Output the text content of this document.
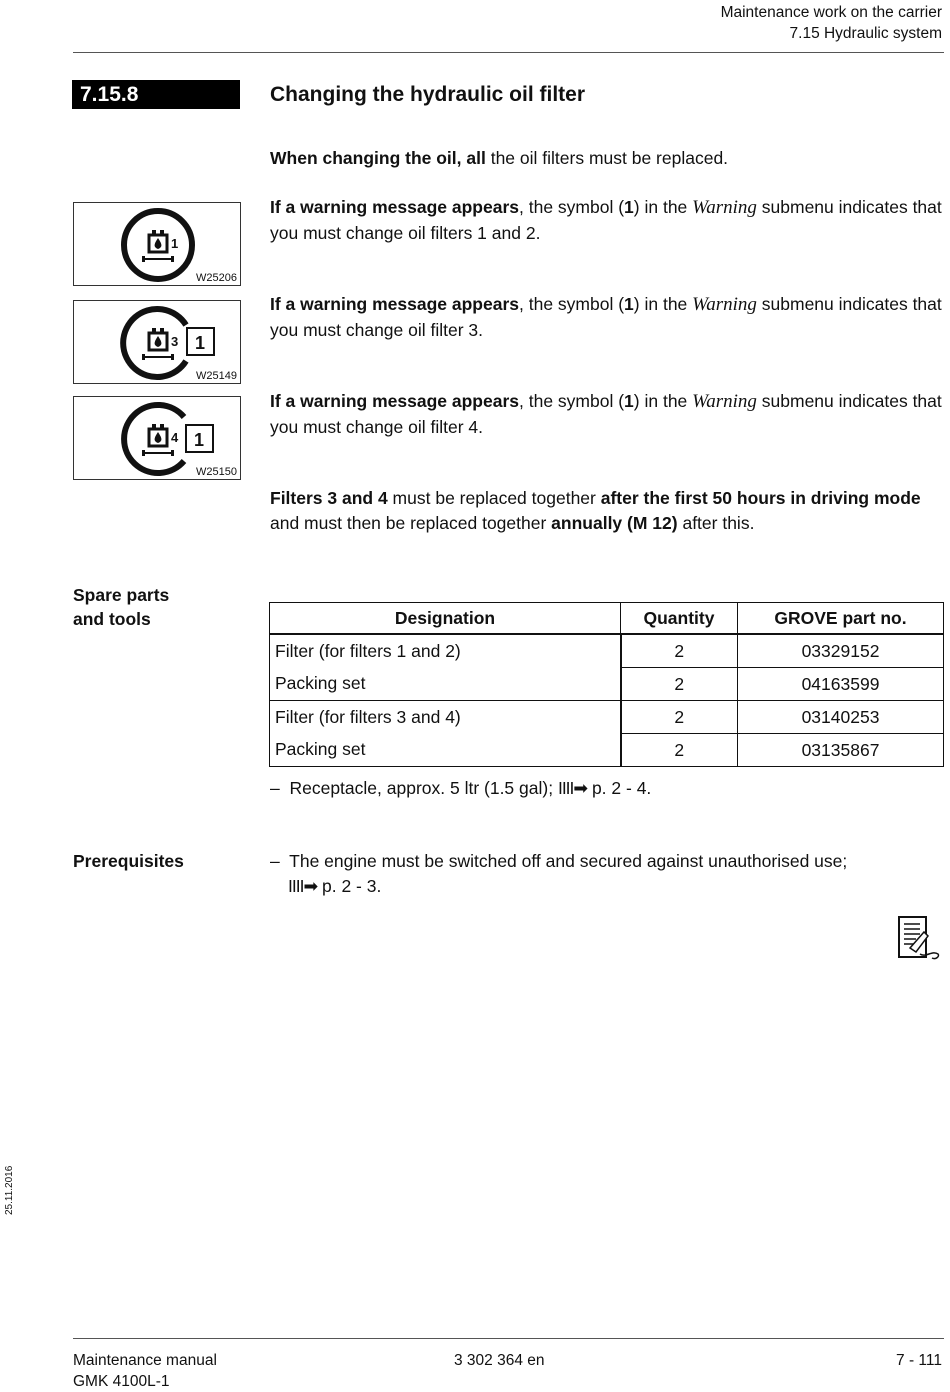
Maintenance work on the carrier
7.15 Hydraulic system
7.15.8	Changing the hydraulic oil filter
When changing the oil, all the oil filters must be replaced.
1
W25206
If a warning message appears, the symbol (1) in the Warning submenu indicates that you must change oil filters 1 and 2.
3 1
W25149
If a warning message appears, the symbol (1) in the Warning submenu indicates that you must change oil filter 3.
4 1
W25150
If a warning message appears, the symbol (1) in the Warning submenu indicates that you must change oil filter 4.
Filters 3 and 4 must be replaced together after the first 50 hours in driving mode and must then be replaced together annually (M 12) after this.
Spare parts
and tools	Designation	Quantity	GROVE part no.
Filter (for filters 1 and 2)	2	03329152
Packing set	2	04163599
Filter (for filters 3 and 4)	2	03140253
Packing set	2	03135867
– Receptacle, approx. 5 ltr (1.5 gal); IIII➡ p. 2 - 4.
Prerequisites	– The engine must be switched off and secured against unauthorised use;
IIII➡ p. 2 - 3.
25.11.2016
Maintenance manual
GMK 4100L-1
3 302 364 en	7 - 111
